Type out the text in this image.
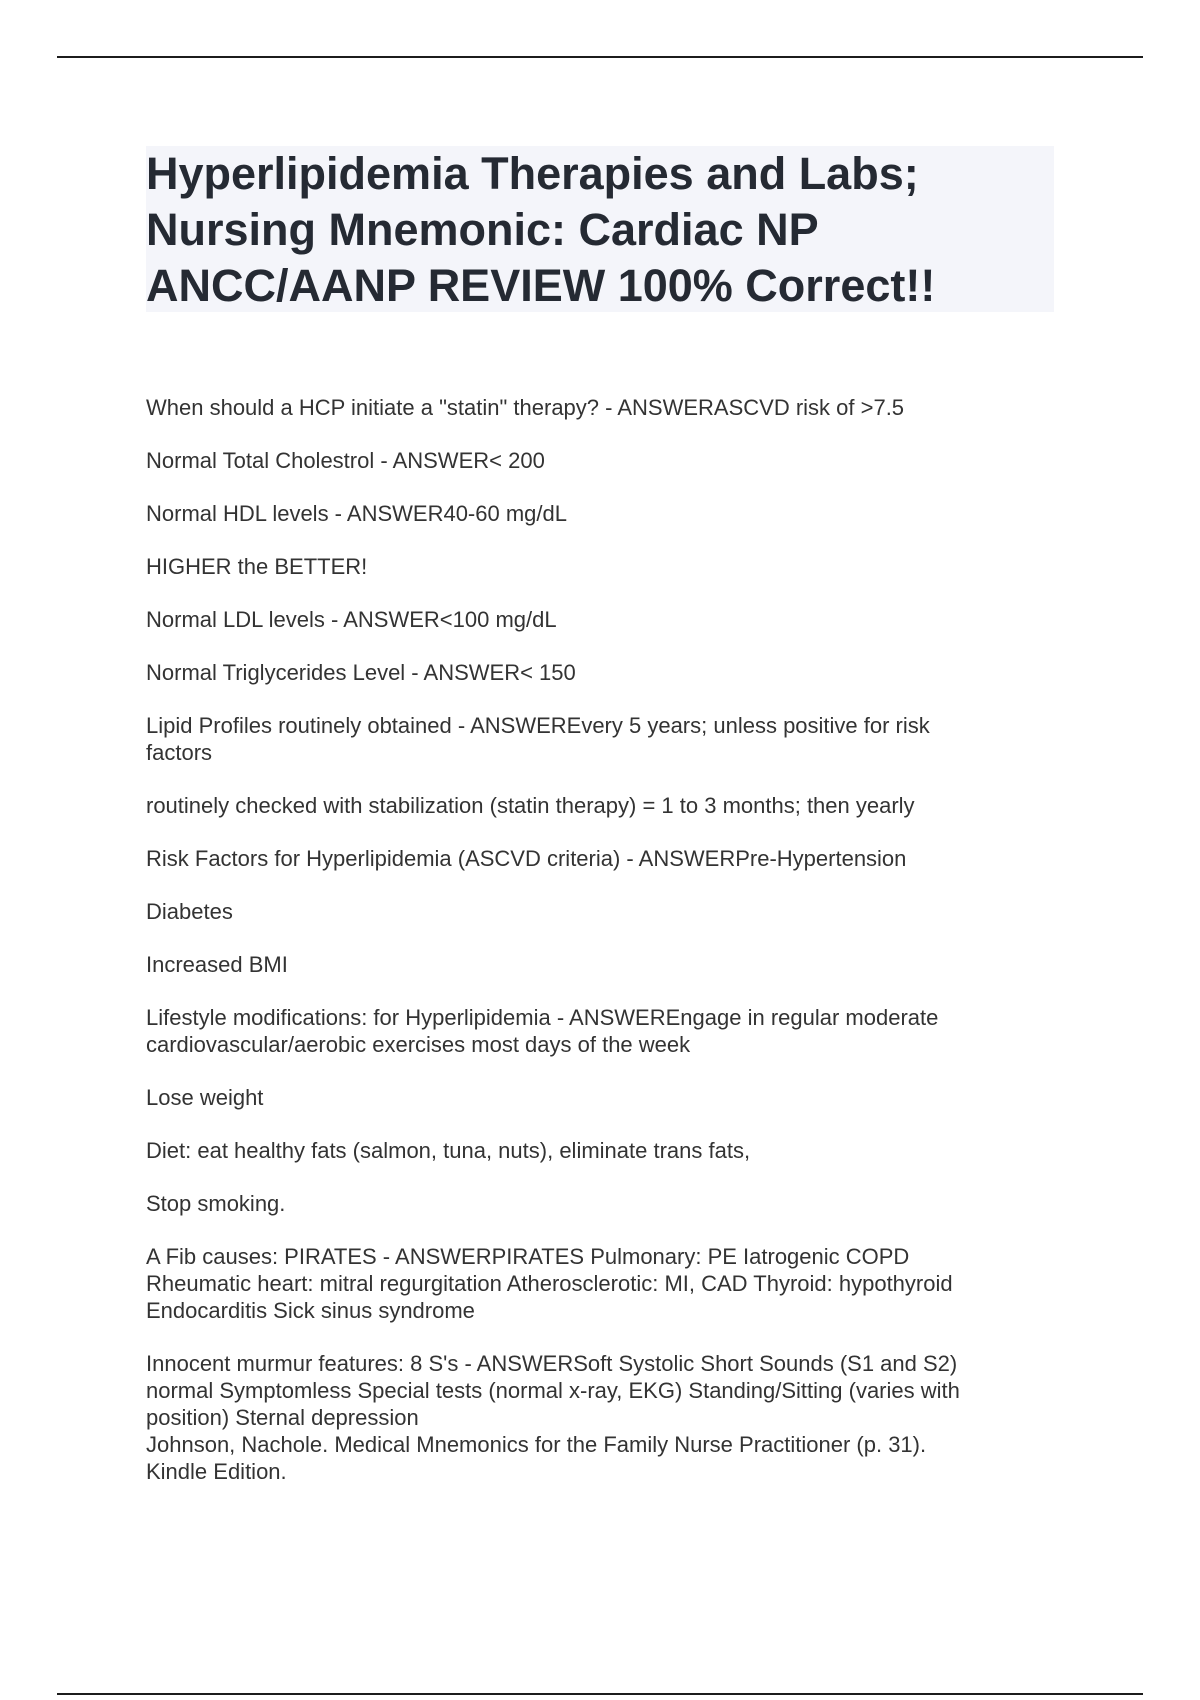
Hyperlipidemia Therapies and Labs;
Nursing Mnemonic: Cardiac NP
ANCC/AANP REVIEW 100% Correct!!

When should a HCP initiate a "statin" therapy? - ANSWERASCVD risk of >7.5

Normal Total Cholestrol - ANSWER< 200

Normal HDL levels - ANSWER40-60 mg/dL

HIGHER the BETTER!

Normal LDL levels - ANSWER<100 mg/dL

Normal Triglycerides Level - ANSWER< 150

Lipid Profiles routinely obtained - ANSWEREvery 5 years; unless positive for risk
factors

routinely checked with stabilization (statin therapy) = 1 to 3 months; then yearly

Risk Factors for Hyperlipidemia (ASCVD criteria) - ANSWERPre-Hypertension

Diabetes

Increased BMI

Lifestyle modifications: for Hyperlipidemia - ANSWEREngage in regular moderate
cardiovascular/aerobic exercises most days of the week

Lose weight

Diet: eat healthy fats (salmon, tuna, nuts), eliminate trans fats,

Stop smoking.

A Fib causes: PIRATES - ANSWERPIRATES Pulmonary: PE Iatrogenic COPD
Rheumatic heart: mitral regurgitation Atherosclerotic: MI, CAD Thyroid: hypothyroid
Endocarditis Sick sinus syndrome

Innocent murmur features: 8 S's - ANSWERSoft Systolic Short Sounds (S1 and S2)
normal Symptomless Special tests (normal x-ray, EKG) Standing/Sitting (varies with
position) Sternal depression
Johnson, Nachole. Medical Mnemonics for the Family Nurse Practitioner (p. 31).
Kindle Edition.
